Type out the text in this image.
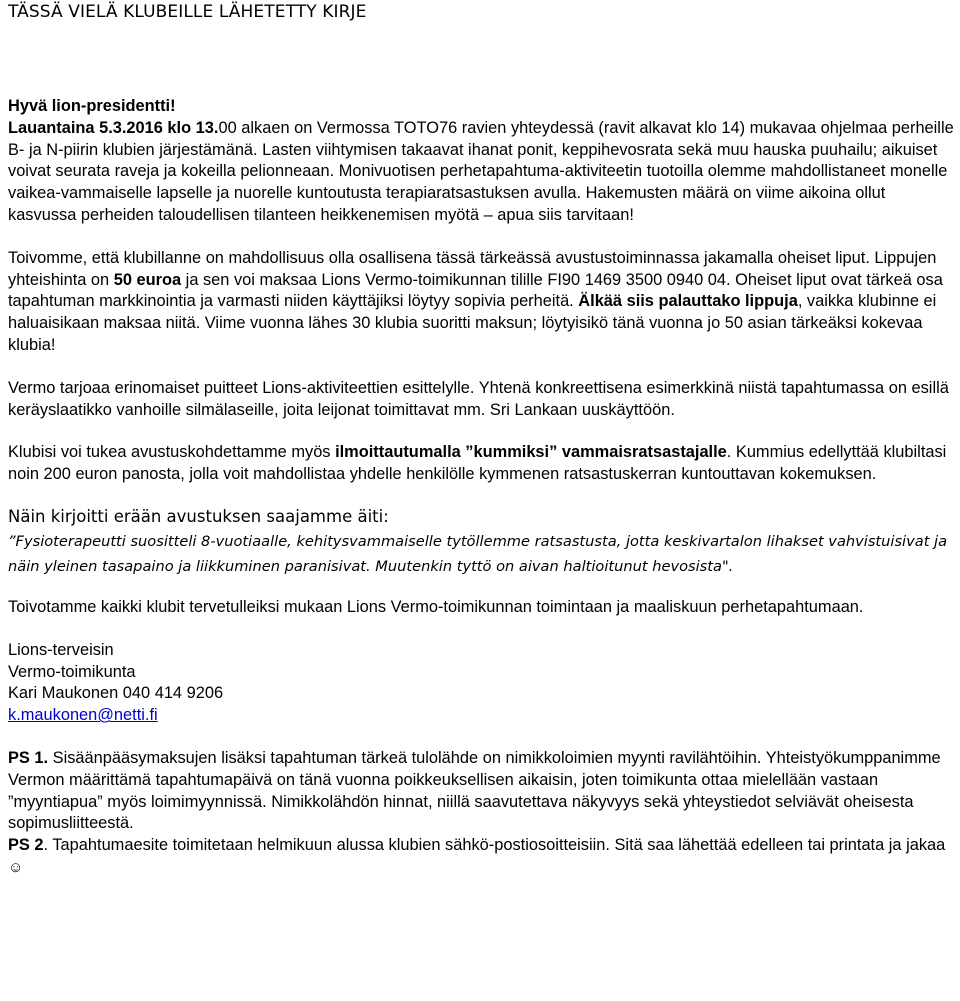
TÄSSÄ VIELÄ KLUBEILLE LÄHETETTY KIRJE

Hyvä lion-presidentti!

Lauantaina 5.3.2016 klo 13.00 alkaen on Vermossa TOTO76 ravien yhteydessä (ravit alkavat klo 14) mukavaa ohjelmaa perheille B- ja N-piirin klubien järjestämänä. Lasten viihtymisen takaavat ihanat ponit, keppihevosrata sekä muu hauska puuhailu; aikuiset voivat seurata raveja ja kokeilla pelionneaan. Monivuotisen perhetapahtuma-aktiviteetin tuotoilla olemme mahdollistaneet monelle vaikea-vammaiselle lapselle ja nuorelle kuntoutusta terapiaratsastuksen avulla. Hakemusten määrä on viime aikoina ollut kasvussa perheiden taloudellisen tilanteen heikkenemisen myötä – apua siis tarvitaan!

Toivomme, että klubillanne on mahdollisuus olla osallisena tässä tärkeässä avustustoiminnassa jakamalla oheiset liput. Lippujen yhteishinta on 50 euroa ja sen voi maksaa Lions Vermo-toimikunnan tilille FI90 1469 3500 0940 04. Oheiset liput ovat tärkeä osa tapahtuman markkinointia ja varmasti niiden käyttäjiksi löytyy sopivia perheitä. Älkää siis palauttako lippuja, vaikka klubinne ei haluaisikaan maksaa niitä. Viime vuonna lähes 30 klubia suoritti maksun; löytyisikö tänä vuonna jo 50 asian tärkeäksi kokevaa klubia!

Vermo tarjoaa erinomaiset puitteet Lions-aktiviteettien esittelylle. Yhtenä konkreettisena esimerkkinä niistä tapahtumassa on esillä keräyslaatikko vanhoille silmälaseille, joita leijonat toimittavat mm. Sri Lankaan uuskäyttöön.

Klubisi voi tukea avustuskohdettamme myös ilmoittautumalla ”kummiksi” vammaisratsastajalle. Kummius edellyttää klubiltasi noin 200 euron panosta, jolla voit mahdollistaa yhdelle henkilölle kymmenen ratsastuskerran kuntouttavan kokemuksen.

Näin kirjoitti erään avustuksen saajamme äiti:

”Fysioterapeutti suositteli 8-vuotiaalle, kehitysvammaiselle tytöllemme ratsastusta, jotta keskivartalon lihakset vahvistuisivat ja näin yleinen tasapaino ja liikkuminen paranisivat. Muutenkin tyttö on aivan haltioitunut hevosista".

Toivotamme kaikki klubit tervetulleiksi mukaan Lions Vermo-toimikunnan toimintaan ja maaliskuun perhetapahtumaan.

Lions-terveisin

Vermo-toimikunta

Kari Maukonen 040 414 9206

k.maukonen@netti.fi

PS 1. Sisäänpääsymaksujen lisäksi tapahtuman tärkeä tulolähde on nimikkoloimien myynti ravilähtöihin. Yhteistyökumppanimme Vermon määrittämä tapahtumapäivä on tänä vuonna poikkeuksellisen aikaisin, joten toimikunta ottaa mielellään vastaan ”myyntiapua” myös loimimyynnissä. Nimikkolähdön hinnat, niillä saavutettava näkyvyys sekä yhteystiedot selviävät oheisesta sopimusliitteestä.

PS 2. Tapahtumaesite toimitetaan helmikuun alussa klubien sähkö-postiosoitteisiin. Sitä saa lähettää edelleen tai printata ja jakaa☺
